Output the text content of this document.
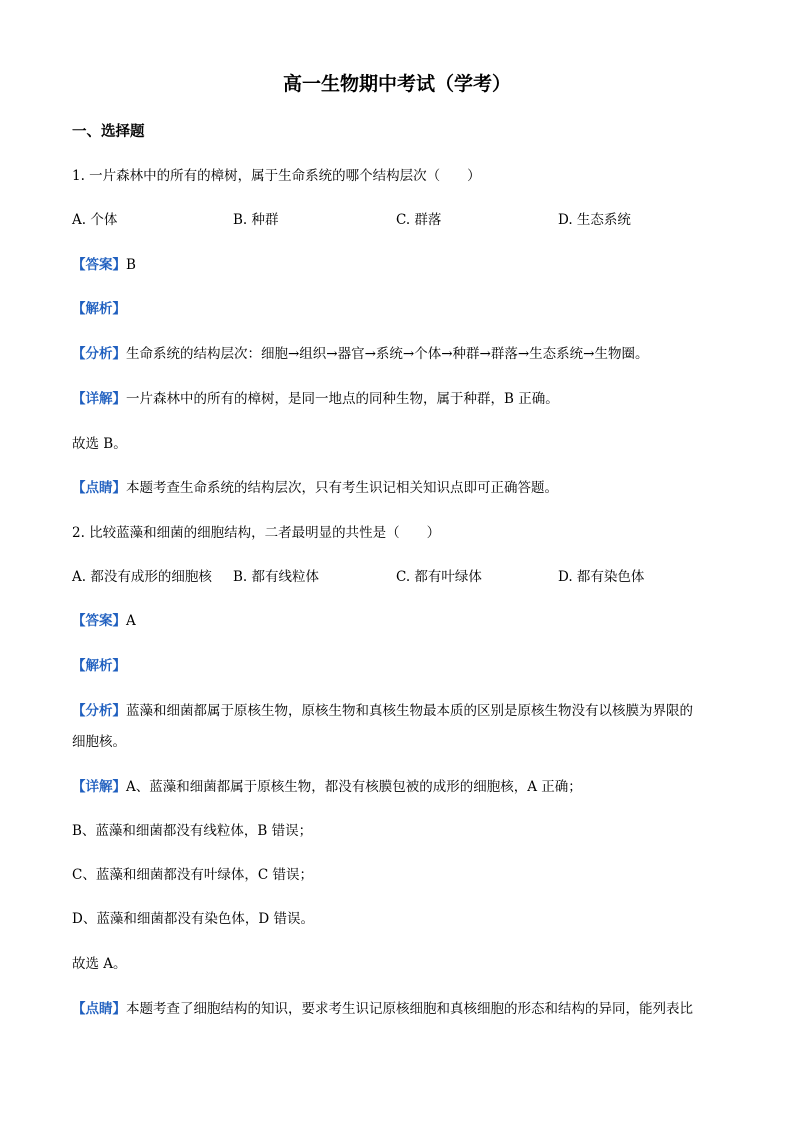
高一生物期中考试（学考）
一、选择题
1. 一片森林中的所有的樟树，属于生命系统的哪个结构层次（　　）
A. 个体	B. 种群	C. 群落	D. 生态系统
【答案】B
【解析】
【分析】生命系统的结构层次：细胞→组织→器官→系统→个体→种群→群落→生态系统→生物圈。
【详解】一片森林中的所有的樟树，是同一地点的同种生物，属于种群，B 正确。
故选 B。
【点睛】本题考查生命系统的结构层次，只有考生识记相关知识点即可正确答题。
2. 比较蓝藻和细菌的细胞结构，二者最明显的共性是（　　）
A. 都没有成形的细胞核 B. 都有线粒体	C. 都有叶绿体	D. 都有染色体
【答案】A
【解析】
【分析】蓝藻和细菌都属于原核生物，原核生物和真核生物最本质的区别是原核生物没有以核膜为界限的
细胞核。
【详解】A、蓝藻和细菌都属于原核生物，都没有核膜包被的成形的细胞核，A 正确；
B、蓝藻和细菌都没有线粒体，B 错误；
C、蓝藻和细菌都没有叶绿体，C 错误；
D、蓝藻和细菌都没有染色体，D 错误。
故选 A。
【点睛】本题考查了细胞结构的知识，要求考生识记原核细胞和真核细胞的形态和结构的异同，能列表比
